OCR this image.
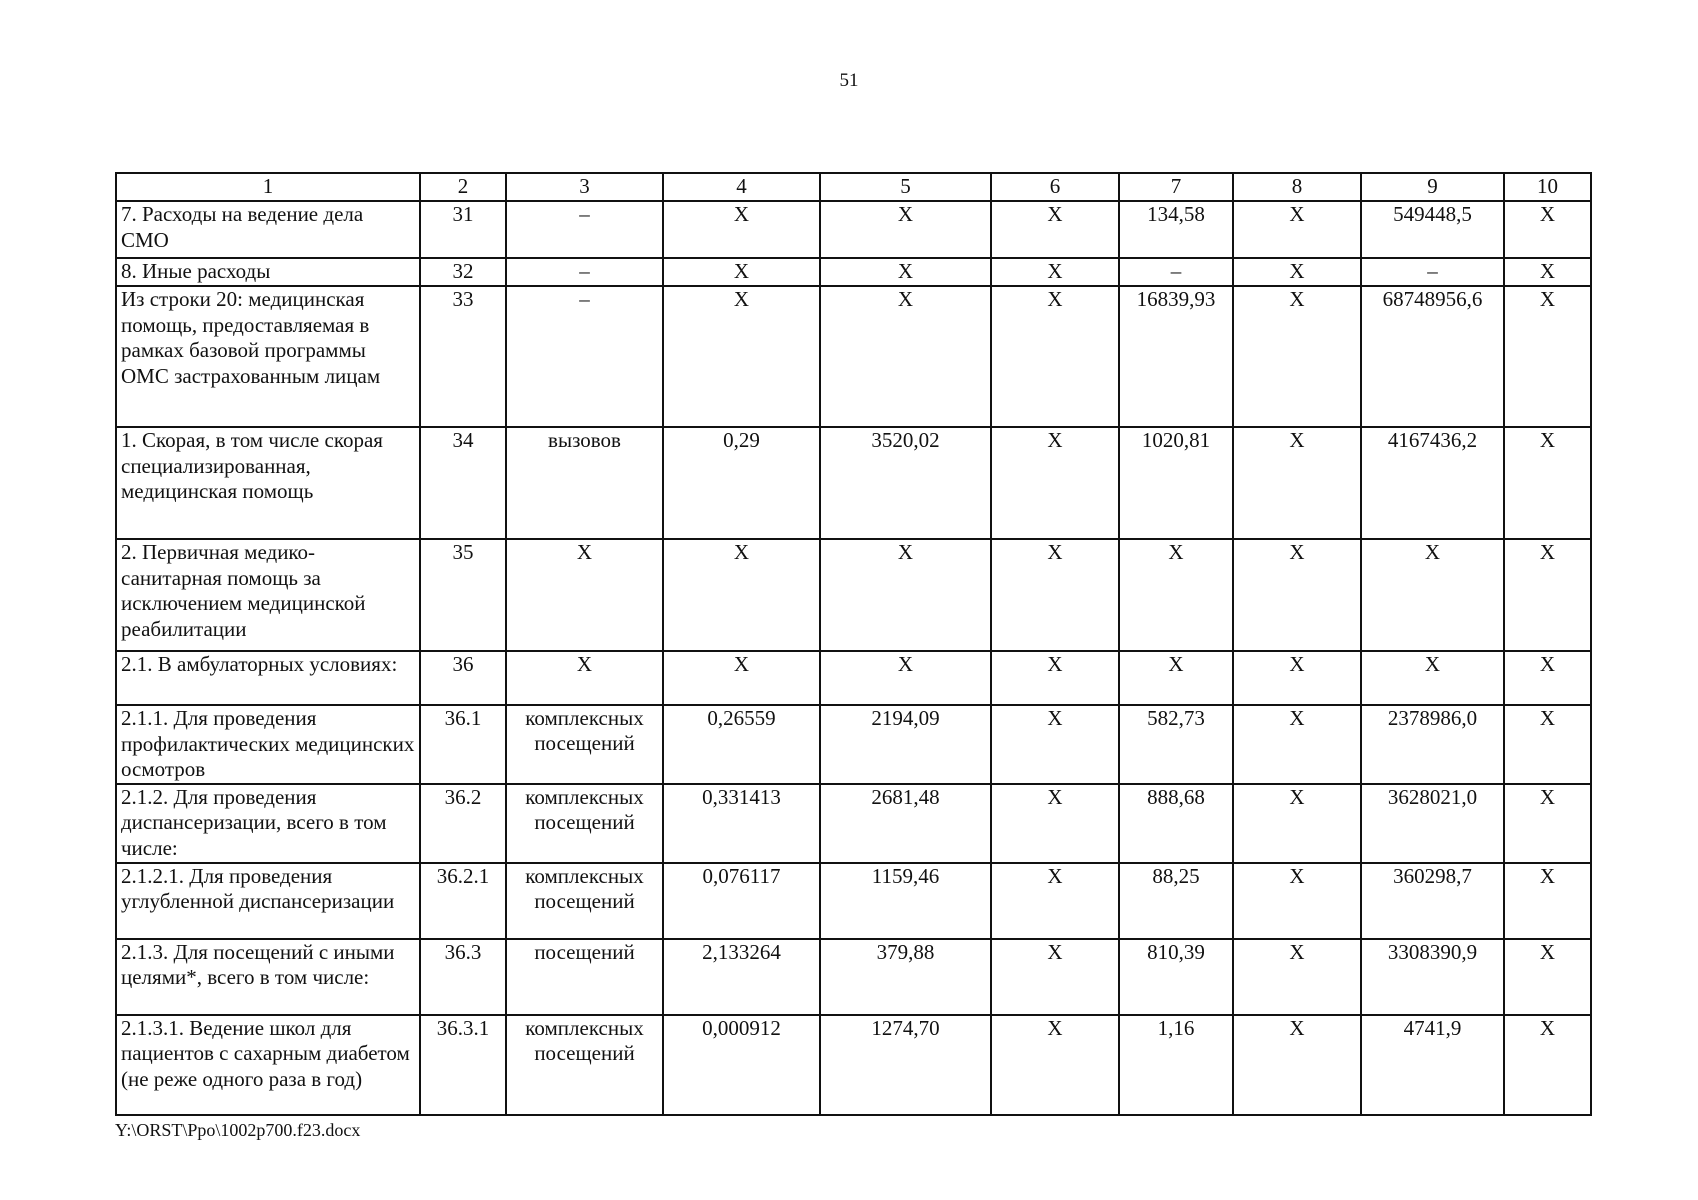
51
1	2	3	4	5	6	7	8	9	10
7. Расходы на ведение дела СМО	31	–	Х	Х	Х	134,58	Х	549448,5	Х
8. Иные расходы	32	–	Х	Х	Х	–	Х	–	Х
Из строки 20: медицинская помощь, предоставляемая в рамках базовой программы ОМС застрахованным лицам	33	–	Х	Х	Х	16839,93	Х	68748956,6	Х
1. Скорая, в том числе скорая специализированная, медицинская помощь	34	вызовов	0,29	3520,02	Х	1020,81	Х	4167436,2	Х
2. Первичная медико-санитарная помощь за исключением медицинской реабилитации	35	Х	Х	Х	Х	Х	Х	Х	Х
2.1. В амбулаторных условиях:	36	Х	Х	Х	Х	Х	Х	Х	Х
2.1.1. Для проведения профилактических медицинских осмотров	36.1	комплексных посещений	0,26559	2194,09	Х	582,73	Х	2378986,0	Х
2.1.2. Для проведения диспансеризации, всего в том числе:	36.2	комплексных посещений	0,331413	2681,48	Х	888,68	Х	3628021,0	Х
2.1.2.1. Для проведения углубленной диспансеризации	36.2.1	комплексных посещений	0,076117	1159,46	Х	88,25	Х	360298,7	Х
2.1.3. Для посещений с иными целями*, всего в том числе:	36.3	посещений	2,133264	379,88	Х	810,39	Х	3308390,9	Х
2.1.3.1. Ведение школ для пациентов с сахарным диабетом (не реже одного раза в год)	36.3.1	комплексных посещений	0,000912	1274,70	Х	1,16	Х	4741,9	Х
Y:\ORST\Ppo\1002p700.f23.docx
